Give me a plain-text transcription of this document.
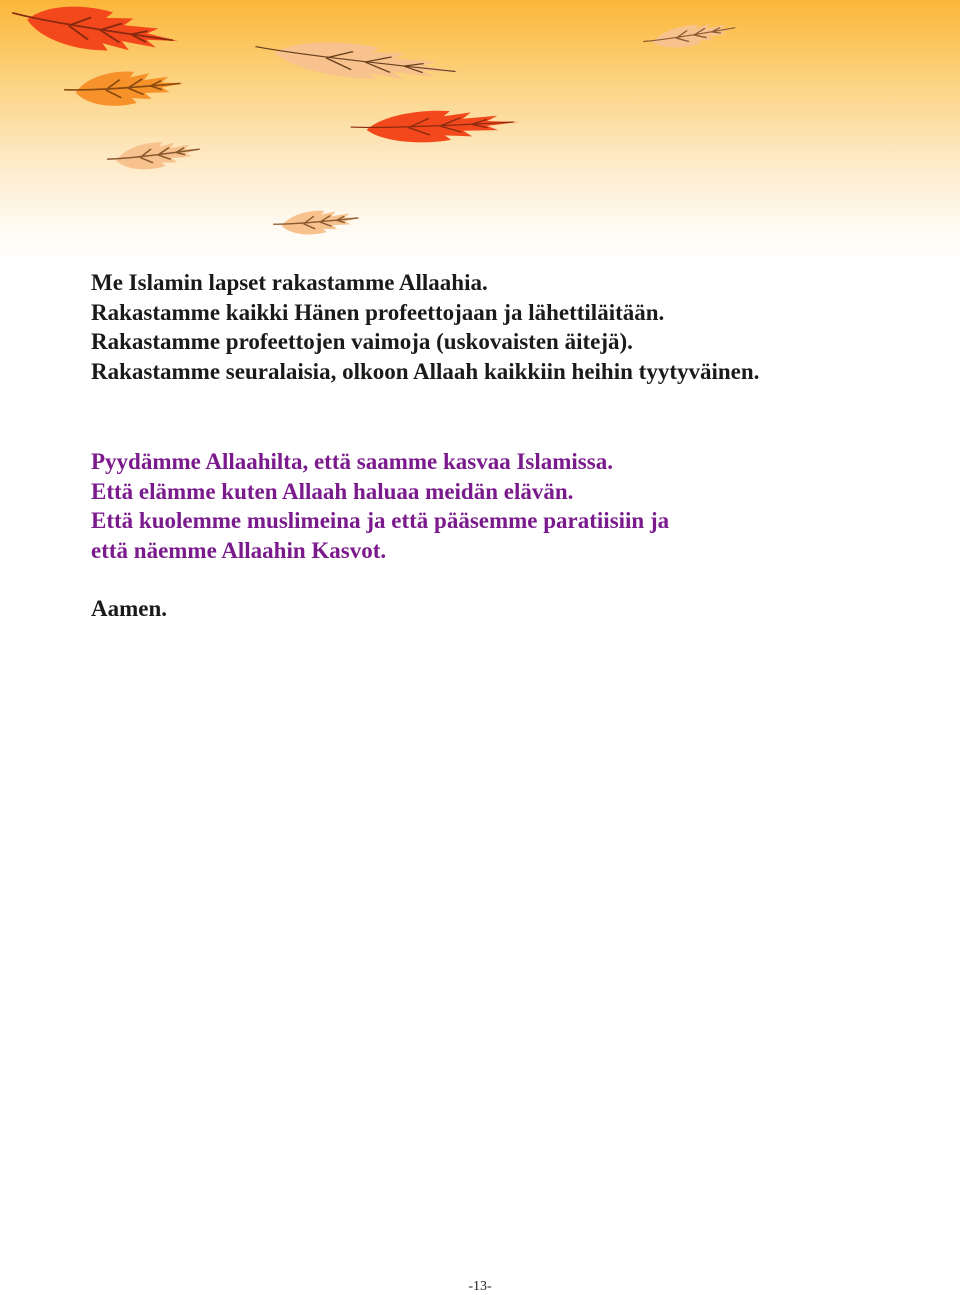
Me Islamin lapset rakastamme Allaahia.

Rakastamme kaikki Hänen profeettojaan ja lähettiläitään.

Rakastamme profeettojen vaimoja (uskovaisten äitejä).

Rakastamme seuralaisia, olkoon Allaah kaikkiin heihin tyytyväinen.

Pyydämme Allaahilta, että saamme kasvaa Islamissa.

Että elämme kuten Allaah haluaa meidän elävän.

Että kuolemme muslimeina ja että pääsemme paratiisiin ja

että näemme Allaahin Kasvot.

Aamen.

-13-
